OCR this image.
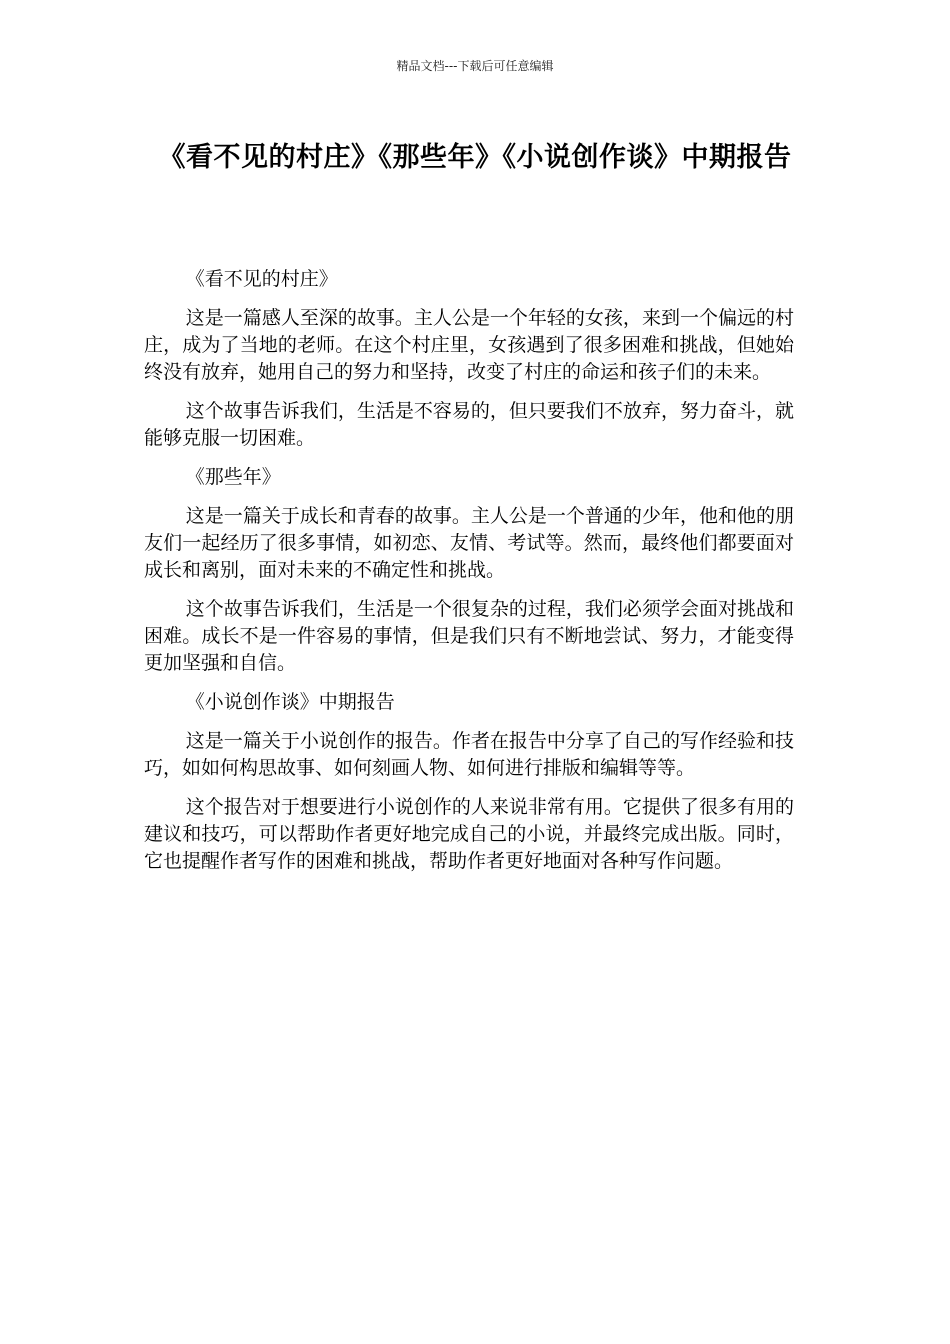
精品文档---下载后可任意编辑
《看不见的村庄》《那些年》《小说创作谈》中期报告

《看不见的村庄》

这是一篇感人至深的故事。主人公是一个年轻的女孩，来到一个偏远的村庄，成为了当地的老师。在这个村庄里，女孩遇到了很多困难和挑战，但她始终没有放弃，她用自己的努力和坚持，改变了村庄的命运和孩子们的未来。

这个故事告诉我们，生活是不容易的，但只要我们不放弃，努力奋斗，就能够克服一切困难。

《那些年》

这是一篇关于成长和青春的故事。主人公是一个普通的少年，他和他的朋友们一起经历了很多事情，如初恋、友情、考试等。然而，最终他们都要面对成长和离别，面对未来的不确定性和挑战。

这个故事告诉我们，生活是一个很复杂的过程，我们必须学会面对挑战和困难。成长不是一件容易的事情，但是我们只有不断地尝试、努力，才能变得更加坚强和自信。

《小说创作谈》中期报告

这是一篇关于小说创作的报告。作者在报告中分享了自己的写作经验和技巧，如如何构思故事、如何刻画人物、如何进行排版和编辑等等。

这个报告对于想要进行小说创作的人来说非常有用。它提供了很多有用的建议和技巧，可以帮助作者更好地完成自己的小说，并最终完成出版。同时，它也提醒作者写作的困难和挑战，帮助作者更好地面对各种写作问题。
